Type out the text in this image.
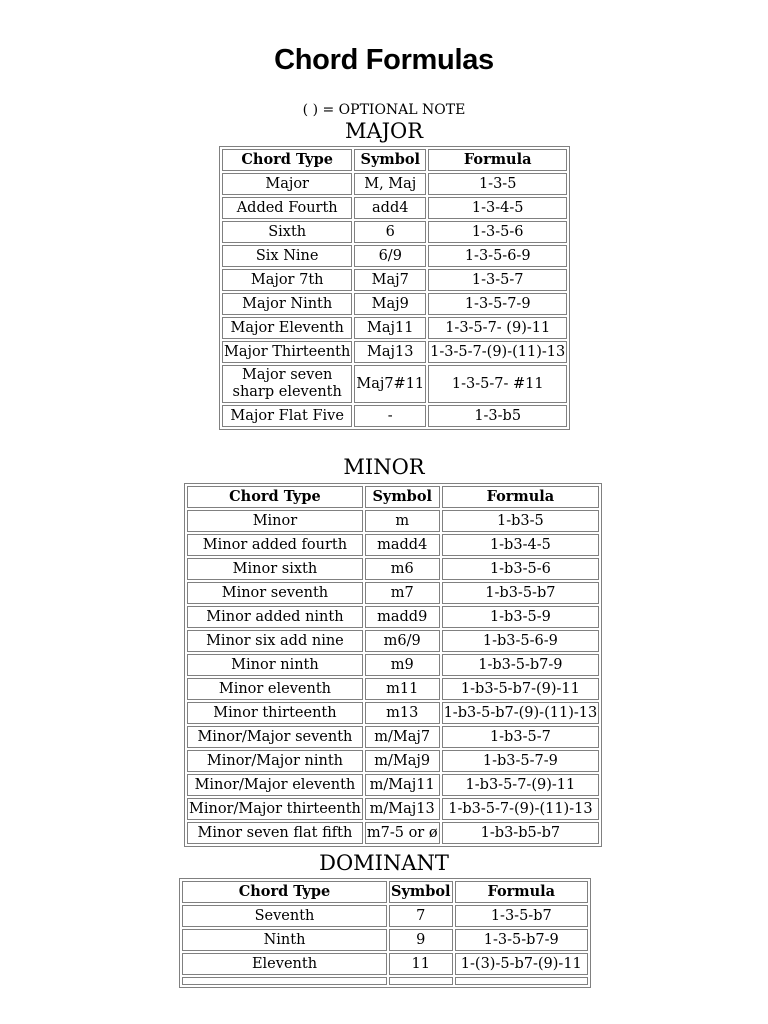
Chord Formulas
( ) = OPTIONAL NOTE
MAJOR
Chord Type	Symbol	Formula
Major	M, Maj	1-3-5
Added Fourth	add4	1-3-4-5
Sixth	6	1-3-5-6
Six Nine	6/9	1-3-5-6-9
Major 7th	Maj7	1-3-5-7
Major Ninth	Maj9	1-3-5-7-9
Major Eleventh	Maj11	1-3-5-7- (9)-11
Major Thirteenth	Maj13	1-3-5-7-(9)-(11)-13
Major seven sharp eleventh	Maj7#11	1-3-5-7- #11
Major Flat Five	-	1-3-b5
MINOR
Chord Type	Symbol	Formula
Minor	m	1-b3-5
Minor added fourth	madd4	1-b3-4-5
Minor sixth	m6	1-b3-5-6
Minor seventh	m7	1-b3-5-b7
Minor added ninth	madd9	1-b3-5-9
Minor six add nine	m6/9	1-b3-5-6-9
Minor ninth	m9	1-b3-5-b7-9
Minor eleventh	m11	1-b3-5-b7-(9)-11
Minor thirteenth	m13	1-b3-5-b7-(9)-(11)-13
Minor/Major seventh	m/Maj7	1-b3-5-7
Minor/Major ninth	m/Maj9	1-b3-5-7-9
Minor/Major eleventh	m/Maj11	1-b3-5-7-(9)-11
Minor/Major thirteenth	m/Maj13	1-b3-5-7-(9)-(11)-13
Minor seven flat fifth	m7-5 or ø	1-b3-b5-b7
DOMINANT
Chord Type	Symbol	Formula
Seventh	7	1-3-5-b7
Ninth	9	1-3-5-b7-9
Eleventh	11	1-(3)-5-b7-(9)-11
